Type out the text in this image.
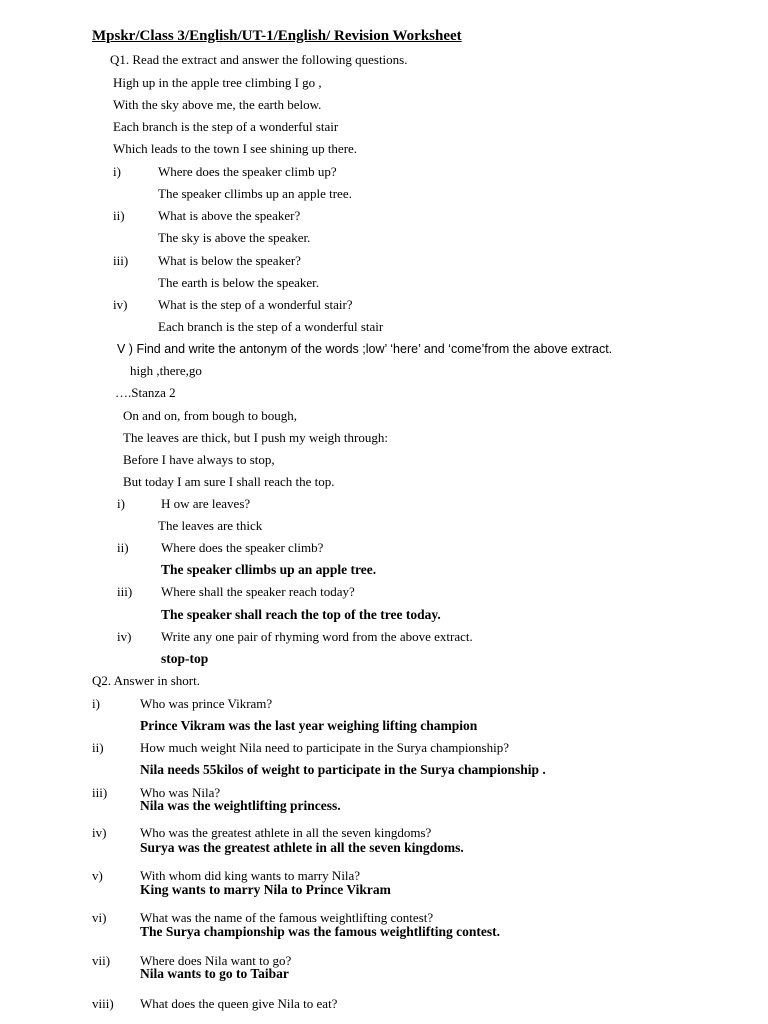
Mpskr/Class 3/English/UT-1/English/ Revision Worksheet
Q1. Read the extract and answer the following questions.
High up in the apple tree climbing I go ,
With the sky above me, the earth below.
Each branch is the step of a wonderful stair
Which leads to the town I see shining up there.
i)	Where does the speaker climb up?
The speaker cllimbs up an apple tree.
ii)	What is above the speaker?
The sky is above the speaker.
iii) What is below the speaker?
The earth is below the speaker.
iv) What is the step of a wonderful stair?
Each branch is the step of a wonderful stair
V ) Find and write the antonym of the words ;low’ ‘here’ and ‘come’from the above extract.
high ,there,go
….Stanza 2
On and on, from bough to bough,
The leaves are thick, but I push my weigh through:
Before I have always to stop,
But today I am sure I shall reach the top.
i)	H ow are leaves?
The leaves are thick
ii) Where does the speaker climb?
The speaker cllimbs up an apple tree.
iii) Where shall the speaker reach today?
The speaker shall reach the top of the tree today.
iv) Write any one pair of rhyming word from the above extract.
stop-top
Q2. Answer in short.
i)	Who was prince Vikram?
Prince Vikram was the last year weighing lifting champion
ii)	How much weight Nila need to participate in the Surya championship?
Nila needs 55kilos of weight to participate in the Surya championship .
iii)	Who was Nila?
Nila was the weightlifting princess.
iv)	Who was the greatest athlete in all the seven kingdoms?
Surya was the greatest athlete in all the seven kingdoms.
v)	With whom did king wants to marry Nila?
King wants to marry Nila to Prince Vikram
vi)	What was the name of the famous weightlifting contest?
The Surya championship was the famous weightlifting contest.
vii) Where does Nila want to go?
Nila wants to go to Taibar
viii) What does the queen give Nila to eat?
